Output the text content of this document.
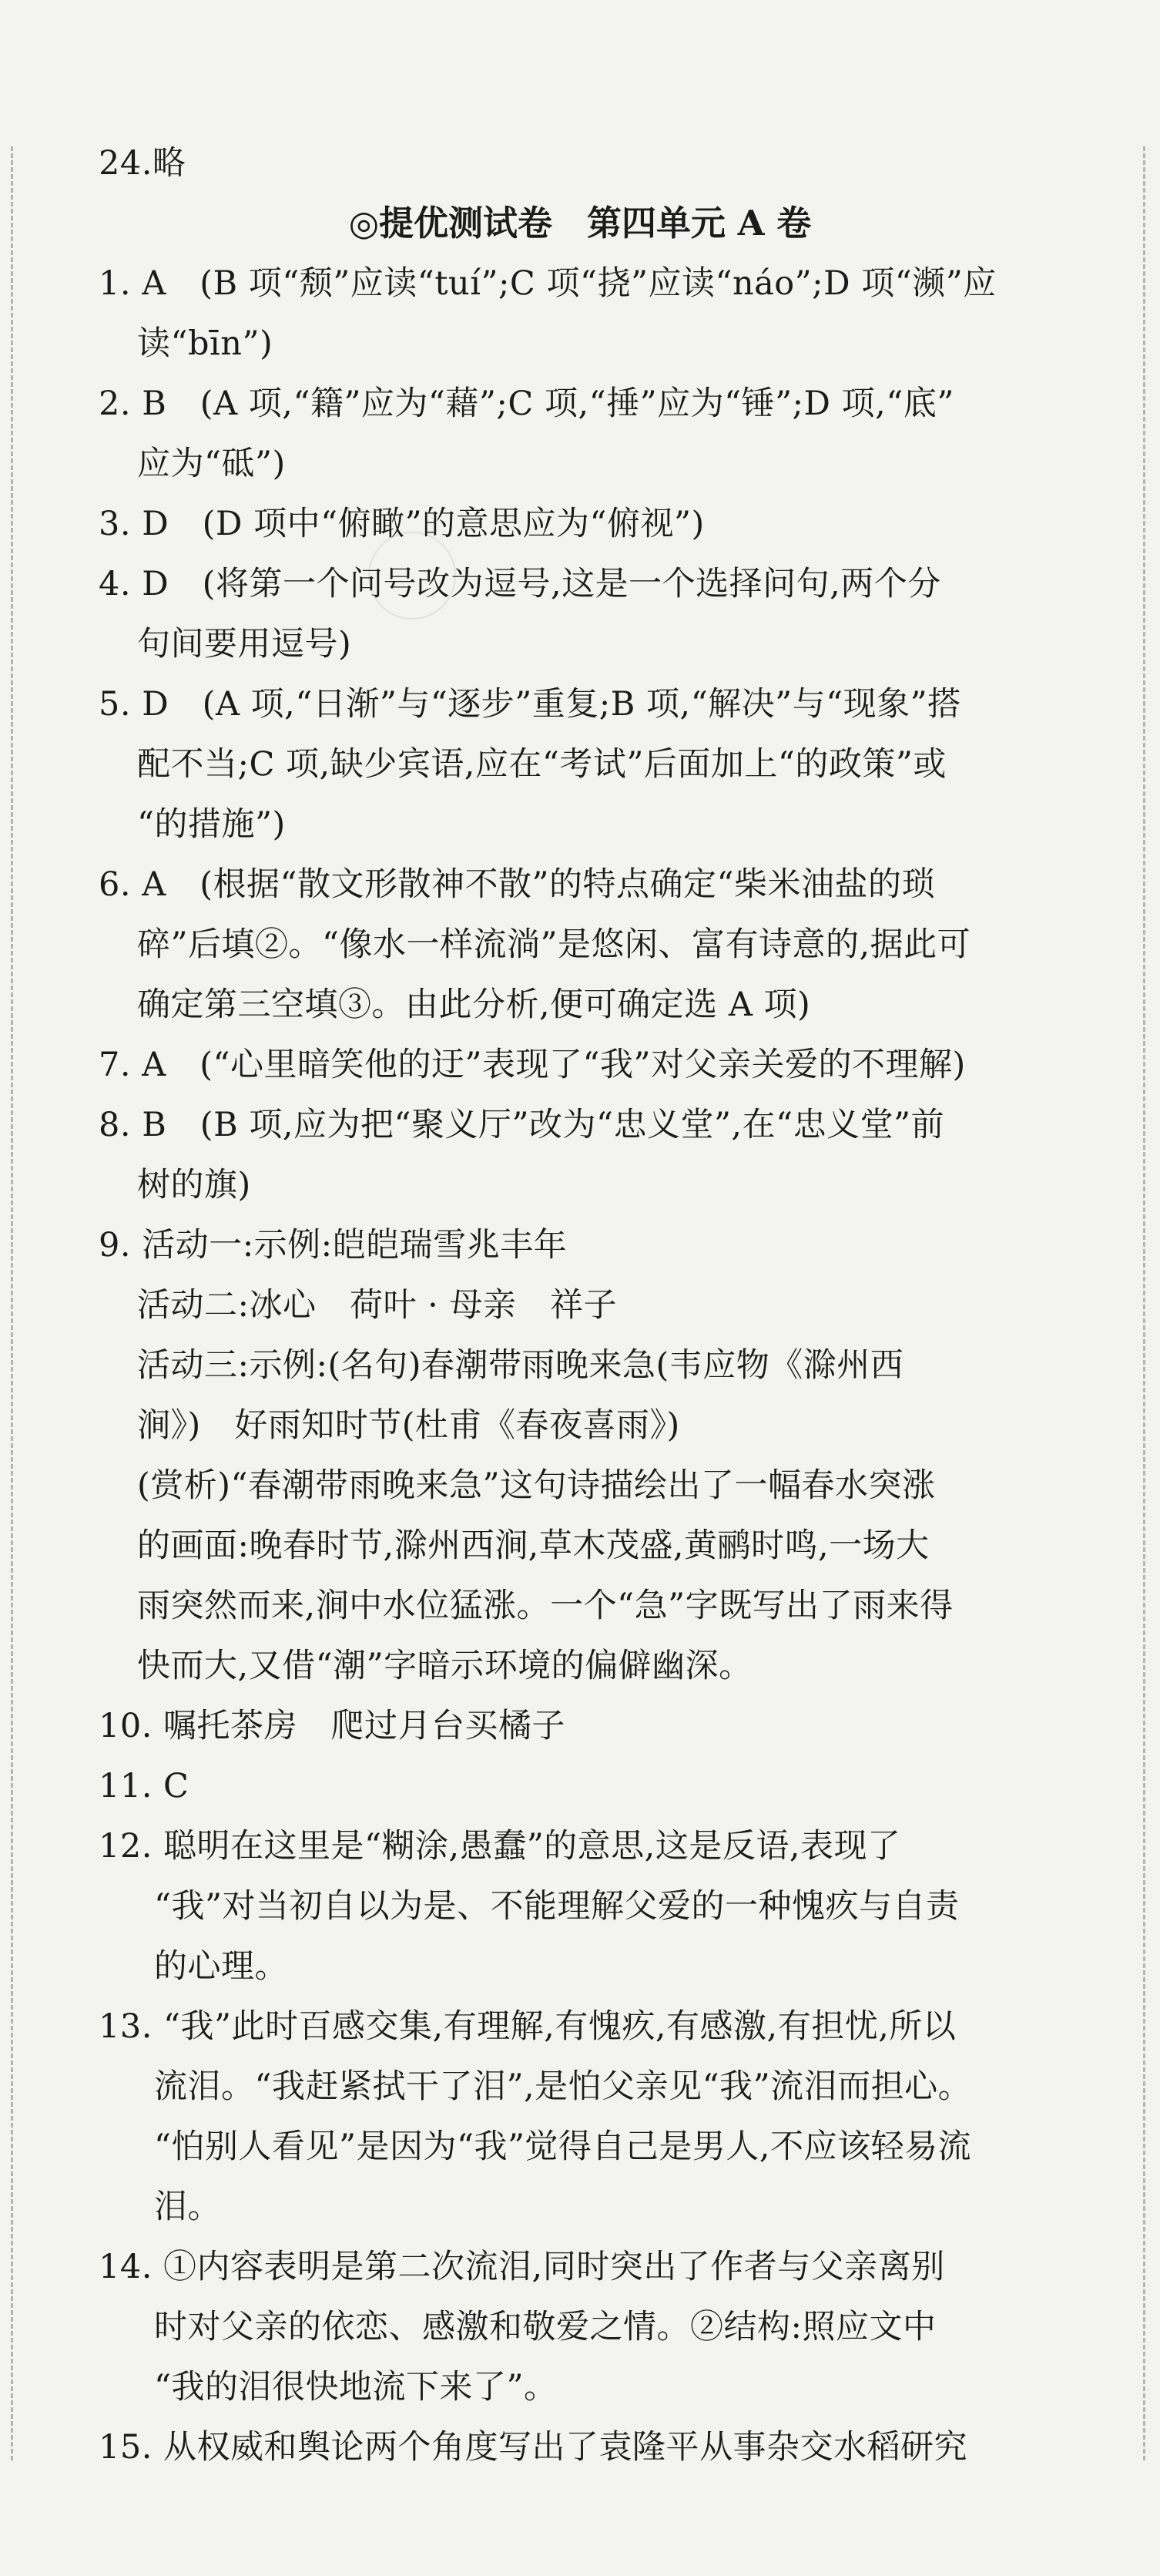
24.略
◎提优测试卷　第四单元 A 卷
1. A　(B 项“颓”应读“tuí”;C 项“挠”应读“náo”;D 项“濒”应
读“bīn”)
2. B　(A 项,“籍”应为“藉”;C 项,“捶”应为“锤”;D 项,“底”
应为“砥”)
3. D　(D 项中“俯瞰”的意思应为“俯视”)
4. D　(将第一个问号改为逗号,这是一个选择问句,两个分
句间要用逗号)
5. D　(A 项,“日渐”与“逐步”重复;B 项,“解决”与“现象”搭
配不当;C 项,缺少宾语,应在“考试”后面加上“的政策”或
“的措施”)
6. A　(根据“散文形散神不散”的特点确定“柴米油盐的琐
碎”后填②。“像水一样流淌”是悠闲、富有诗意的,据此可
确定第三空填③。由此分析,便可确定选 A 项)
7. A　(“心里暗笑他的迂”表现了“我”对父亲关爱的不理解)
8. B　(B 项,应为把“聚义厅”改为“忠义堂”,在“忠义堂”前
树的旗)
9. 活动一:示例:皑皑瑞雪兆丰年
活动二:冰心　荷叶 · 母亲　祥子
活动三:示例:(名句)春潮带雨晚来急(韦应物《滁州西
涧》)　好雨知时节(杜甫《春夜喜雨》)
(赏析)“春潮带雨晚来急”这句诗描绘出了一幅春水突涨
的画面:晚春时节,滁州西涧,草木茂盛,黄鹂时鸣,一场大
雨突然而来,涧中水位猛涨。一个“急”字既写出了雨来得
快而大,又借“潮”字暗示环境的偏僻幽深。
10. 嘱托茶房　爬过月台买橘子
11. C
12. 聪明在这里是“糊涂,愚蠢”的意思,这是反语,表现了
“我”对当初自以为是、不能理解父爱的一种愧疚与自责
的心理。
13. “我”此时百感交集,有理解,有愧疚,有感激,有担忧,所以
流泪。“我赶紧拭干了泪”,是怕父亲见“我”流泪而担心。
“怕别人看见”是因为“我”觉得自己是男人,不应该轻易流
泪。
14. ①内容表明是第二次流泪,同时突出了作者与父亲离别
时对父亲的依恋、感激和敬爱之情。②结构:照应文中
“我的泪很快地流下来了”。
15. 从权威和舆论两个角度写出了袁隆平从事杂交水稻研究
